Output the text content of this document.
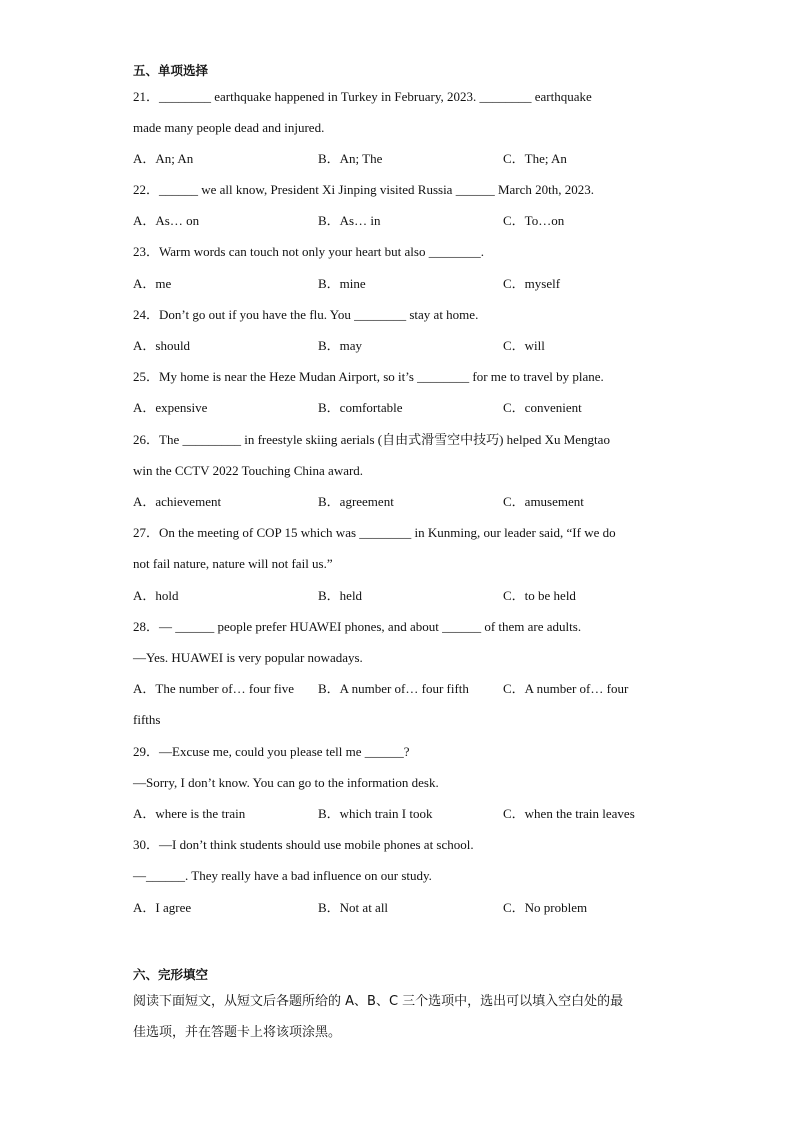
五、单项选择
21．________ earthquake happened in Turkey in February, 2023. ________ earthquake
made many people dead and injured.
A．An; An	B．An; The	C．The; An
22．______ we all know, President Xi Jinping visited Russia ______ March 20th, 2023.
A．As… on	B．As… in	C．To…on
23．Warm words can touch not only your heart but also ________.
A．me	B．mine	C．myself
24．Don’t go out if you have the flu. You ________ stay at home.
A．should	B．may	C．will
25．My home is near the Heze Mudan Airport, so it’s ________ for me to travel by plane.
A．expensive	B．comfortable	C．convenient
26．The _________ in freestyle skiing aerials (自由式滑雪空中技巧) helped Xu Mengtao
win the CCTV 2022 Touching China award.
A．achievement	B．agreement	C．amusement
27．On the meeting of COP 15 which was ________ in Kunming, our leader said, “If we do
not fail nature, nature will not fail us.”
A．hold	B．held	C．to be held
28．— ______ people prefer HUAWEI phones, and about ______ of them are adults.
—Yes. HUAWEI is very popular nowadays.
A．The number of… four five B．A number of… four fifth	C．A number of… four
fifths
29．—Excuse me, could you please tell me ______?
—Sorry, I don’t know. You can go to the information desk.
A．where is the train	B．which train I took	C．when the train leaves
30．—I don’t think students should use mobile phones at school.
—______. They really have a bad influence on our study.
A．I agree	B．Not at all	C．No problem
六、完形填空
阅读下面短文，从短文后各题所给的 A、B、C 三个选项中，选出可以填入空白处的最
佳选项，并在答题卡上将该项涂黑。
